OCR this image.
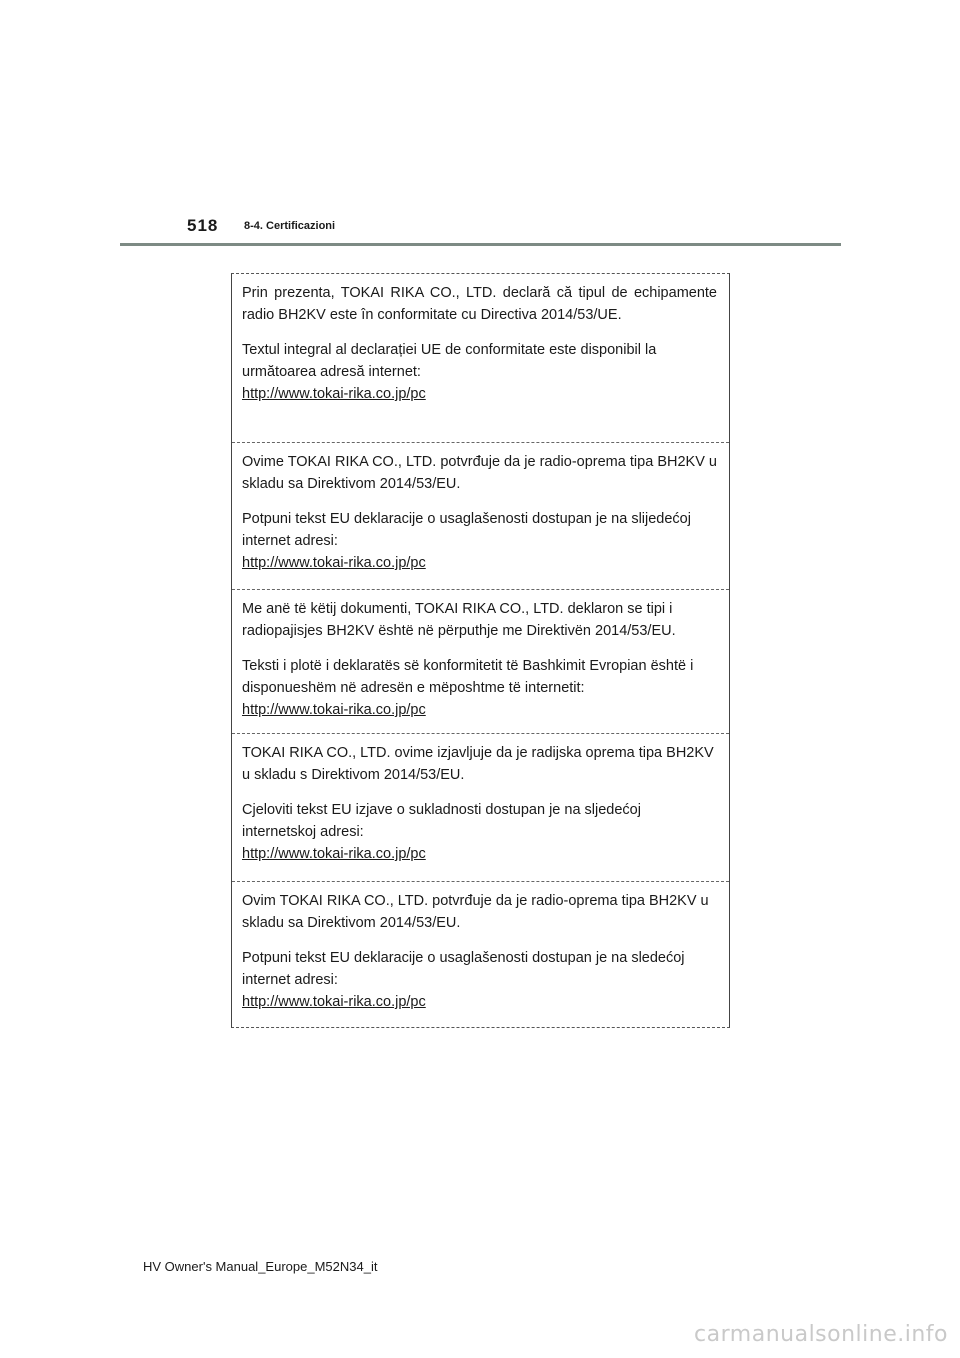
518 8-4. Certificazioni

Prin prezenta, TOKAI RIKA CO., LTD. declară că tipul de echipamente radio BH2KV este în conformitate cu Directiva 2014/53/UE.

Textul integral al declarației UE de conformitate este disponibil la următoarea adresă internet:

http://www.tokai-rika.co.jp/pc

Ovime TOKAI RIKA CO., LTD. potvrđuje da je radio-oprema tipa BH2KV u skladu sa Direktivom 2014/53/EU.

Potpuni tekst EU deklaracije o usaglašenosti dostupan je na slijedećoj internet adresi:

http://www.tokai-rika.co.jp/pc

Me anë të këtij dokumenti, TOKAI RIKA CO., LTD. deklaron se tipi i radiopajisjes BH2KV është në përputhje me Direktivën 2014/53/EU.

Teksti i plotë i deklaratës së konformitetit të Bashkimit Evropian është i disponueshëm në adresën e mëposhtme të internetit:

http://www.tokai-rika.co.jp/pc

TOKAI RIKA CO., LTD. ovime izjavljuje da je radijska oprema tipa BH2KV u skladu s Direktivom 2014/53/EU.

Cjeloviti tekst EU izjave o sukladnosti dostupan je na sljedećoj internetskoj adresi:

http://www.tokai-rika.co.jp/pc

Ovim TOKAI RIKA CO., LTD. potvrđuje da je radio-oprema tipa BH2KV u skladu sa Direktivom 2014/53/EU.

Potpuni tekst EU deklaracije o usaglašenosti dostupan je na sledećoj internet adresi:

http://www.tokai-rika.co.jp/pc
HV Owner's Manual_Europe_M52N34_it
carmanualsonline.info
